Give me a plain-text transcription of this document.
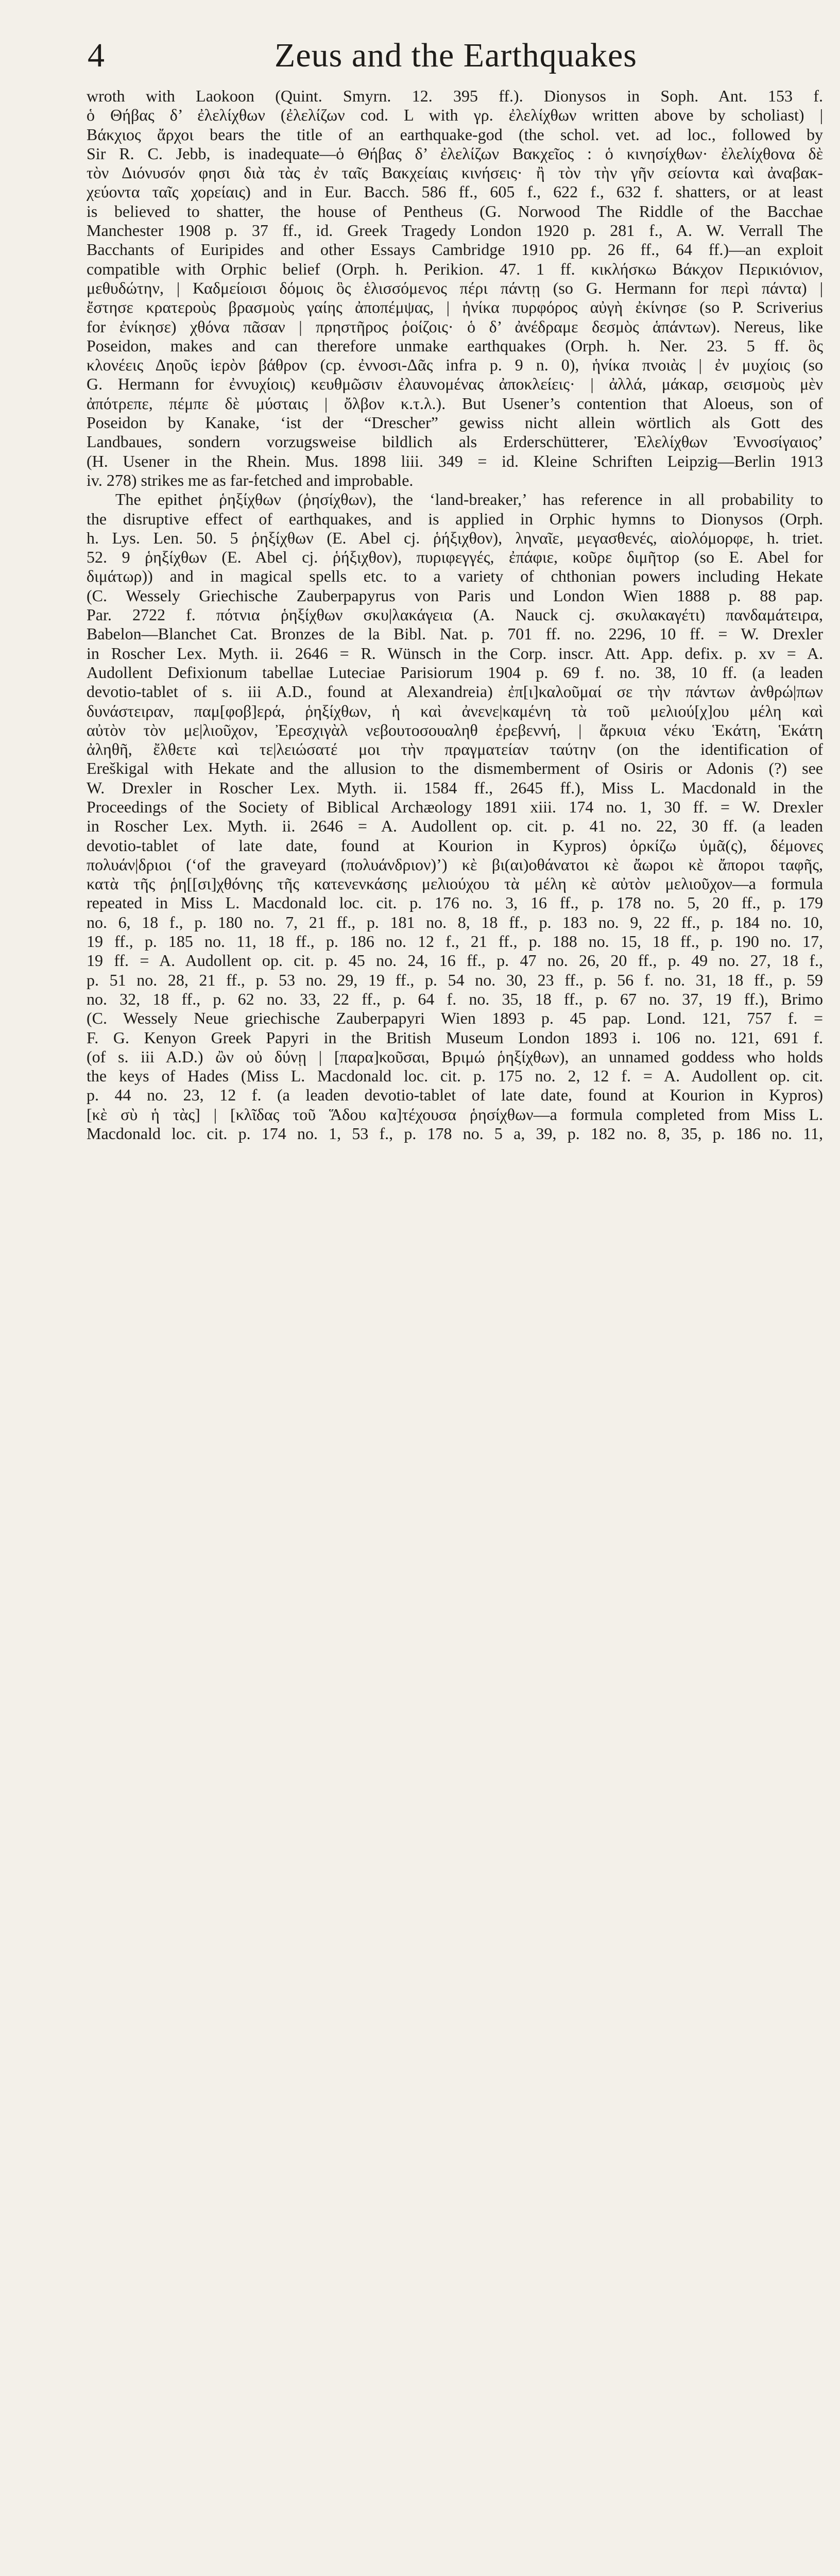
4	Zeus and the Earthquakes
wroth with Laokoon (Quint. Smyrn. 12. 395 ff.). Dionysos in Soph. Ant. 153 f.
ὁ Θήβας δ’ ἐλελίχθων (ἐλελίζων cod. L with γρ. ἐλελίχθων written above by scholiast) |
Βάκχιος ἄρχοι bears the title of an earthquake-god (the schol. vet. ad loc., followed by
Sir R. C. Jebb, is inadequate—ὁ Θήβας δ’ ἐλελίζων Βακχεῖος : ὁ κινησίχθων· ἐλελίχθονα δὲ
τὸν Διόνυσόν φησι διὰ τὰς ἐν ταῖς Βακχείαις κινήσεις· ἢ τὸν τὴν γῆν σείοντα καὶ ἀναβακ-
χεύοντα ταῖς χορείαις) and in Eur. Bacch. 586 ff., 605 f., 622 f., 632 f. shatters, or at least
is believed to shatter, the house of Pentheus (G. Norwood The Riddle of the Bacchae
Manchester 1908 p. 37 ff., id. Greek Tragedy London 1920 p. 281 f., A. W. Verrall The
Bacchants of Euripides and other Essays Cambridge 1910 pp. 26 ff., 64 ff.)—an exploit
compatible with Orphic belief (Orph. h. Perikion. 47. 1 ff. κικλήσκω Βάκχον Περικιόνιον,
μεθυδώτην, | Καδμείοισι δόμοις ὃς ἑλισσόμενος πέρι πάντῃ (so G. Hermann for περὶ πάντα) |
ἔστησε κρατεροὺς βρασμοὺς γαίης ἀποπέμψας, | ἡνίκα πυρφόρος αὐγὴ ἐκίνησε (so P. Scriverius
for ἐνίκησε) χθόνα πᾶσαν | πρηστῆρος ῥοίζοις· ὁ δ’ ἀνέδραμε δεσμὸς ἁπάντων). Nereus, like
Poseidon, makes and can therefore unmake earthquakes (Orph. h. Ner. 23. 5 ff. ὃς
κλονέεις Δηοῦς ἱερὸν βάθρον (cp. ἐννοσι-Δᾶς infra p. 9 n. 0), ἡνίκα πνοιὰς | ἐν μυχίοις (so
G. Hermann for ἐννυχίοις) κευθμῶσιν ἐλαυνομένας ἀποκλείεις· | ἀλλά, μάκαρ, σεισμοὺς μὲν
ἀπότρεπε, πέμπε δὲ μύσταις | ὄλβον κ.τ.λ.). But Usener’s contention that Aloeus, son of
Poseidon by Kanake, ‘ist der “Drescher” gewiss nicht allein wörtlich als Gott des
Landbaues, sondern vorzugsweise bildlich als Erderschütterer, Ἐλελίχθων Ἐννοσίγαιος’
(H. Usener in the Rhein. Mus. 1898 liii. 349 = id. Kleine Schriften Leipzig—Berlin 1913
iv. 278) strikes me as far-fetched and improbable.
The epithet ῥηξίχθων (ῥησίχθων), the ‘land-breaker,’ has reference in all probability to
the disruptive effect of earthquakes, and is applied in Orphic hymns to Dionysos (Orph.
h. Lys. Len. 50. 5 ῥηξίχθων (E. Abel cj. ῥήξιχθον), ληναῖε, μεγασθενές, αἰολόμορφε, h. triet.
52. 9 ῥηξίχθων (E. Abel cj. ῥήξιχθον), πυριφεγγές, ἐπάφιε, κοῦρε διμῆτορ (so E. Abel for
διμάτωρ)) and in magical spells etc. to a variety of chthonian powers including Hekate
(C. Wessely Griechische Zauberpapyrus von Paris und London Wien 1888 p. 88 pap.
Par. 2722 f. πότνια ῥηξίχθων σκυ|λακάγεια (A. Nauck cj. σκυλακαγέτι) πανδαμάτειρα,
Babelon—Blanchet Cat. Bronzes de la Bibl. Nat. p. 701 ff. no. 2296, 10 ff. = W. Drexler
in Roscher Lex. Myth. ii. 2646 = R. Wünsch in the Corp. inscr. Att. App. defix. p. xv = A.
Audollent Defixionum tabellae Luteciae Parisiorum 1904 p. 69 f. no. 38, 10 ff. (a leaden
devotio-tablet of s. iii A.D., found at Alexandreia) ἐπ[ι]καλοῦμαί σε τὴν πάντων ἀνθρώ|πων
δυνάστειραν, παμ[φοβ]ερά, ῥηξίχθων, ἡ καὶ ἀνενε|καμένη τὰ τοῦ μελιού[χ]ου μέλη καὶ
αὐτὸν τὸν με|λιοῦχον, Ἐρεσχιγὰλ νεβουτοσουαληθ ἐρεβεννή, | ἄρκυια νέκυ Ἑκάτη, Ἑκάτη
ἀληθῆ, ἔλθετε καὶ τε|λειώσατέ μοι τὴν πραγματείαν ταύτην (on the identification of
Ereškigal with Hekate and the allusion to the dismemberment of Osiris or Adonis (?) see
W. Drexler in Roscher Lex. Myth. ii. 1584 ff., 2645 ff.), Miss L. Macdonald in the
Proceedings of the Society of Biblical Archæology 1891 xiii. 174 no. 1, 30 ff. = W. Drexler
in Roscher Lex. Myth. ii. 2646 = A. Audollent op. cit. p. 41 no. 22, 30 ff. (a leaden
devotio-tablet of late date, found at Kourion in Kypros) ὁρκίζω ὑμᾶ(ς), δέμονες
πολυάν|δριοι (‘of the graveyard (πολυάνδριον)’) κὲ βι(αι)οθάνατοι κὲ ἄωροι κὲ ἄποροι ταφῆς,
κατὰ τῆς ῥη[[σι]χθόνης τῆς κατενενκάσης μελιούχου τὰ μέλη κὲ αὐτὸν μελιοῦχον—a formula
repeated in Miss L. Macdonald loc. cit. p. 176 no. 3, 16 ff., p. 178 no. 5, 20 ff., p. 179
no. 6, 18 f., p. 180 no. 7, 21 ff., p. 181 no. 8, 18 ff., p. 183 no. 9, 22 ff., p. 184 no. 10,
19 ff., p. 185 no. 11, 18 ff., p. 186 no. 12 f., 21 ff., p. 188 no. 15, 18 ff., p. 190 no. 17,
19 ff. = A. Audollent op. cit. p. 45 no. 24, 16 ff., p. 47 no. 26, 20 ff., p. 49 no. 27, 18 f.,
p. 51 no. 28, 21 ff., p. 53 no. 29, 19 ff., p. 54 no. 30, 23 ff., p. 56 f. no. 31, 18 ff., p. 59
no. 32, 18 ff., p. 62 no. 33, 22 ff., p. 64 f. no. 35, 18 ff., p. 67 no. 37, 19 ff.), Brimo
(C. Wessely Neue griechische Zauberpapyri Wien 1893 p. 45 pap. Lond. 121, 757 f. =
F. G. Kenyon Greek Papyri in the British Museum London 1893 i. 106 no. 121, 691 f.
(of s. iii A.D.) ὢν οὐ δύνῃ | [παρα]κοῦσαι, Βριμώ ῥηξίχθων), an unnamed goddess who holds
the keys of Hades (Miss L. Macdonald loc. cit. p. 175 no. 2, 12 f. = A. Audollent op. cit.
p. 44 no. 23, 12 f. (a leaden devotio-tablet of late date, found at Kourion in Kypros)
[κὲ σὺ ἡ τὰς] | [κλῖδας τοῦ Ἅδου κα]τέχουσα ῥησίχθων—a formula completed from Miss L.
Macdonald loc. cit. p. 174 no. 1, 53 f., p. 178 no. 5 a, 39, p. 182 no. 8, 35, p. 186 no. 11,
